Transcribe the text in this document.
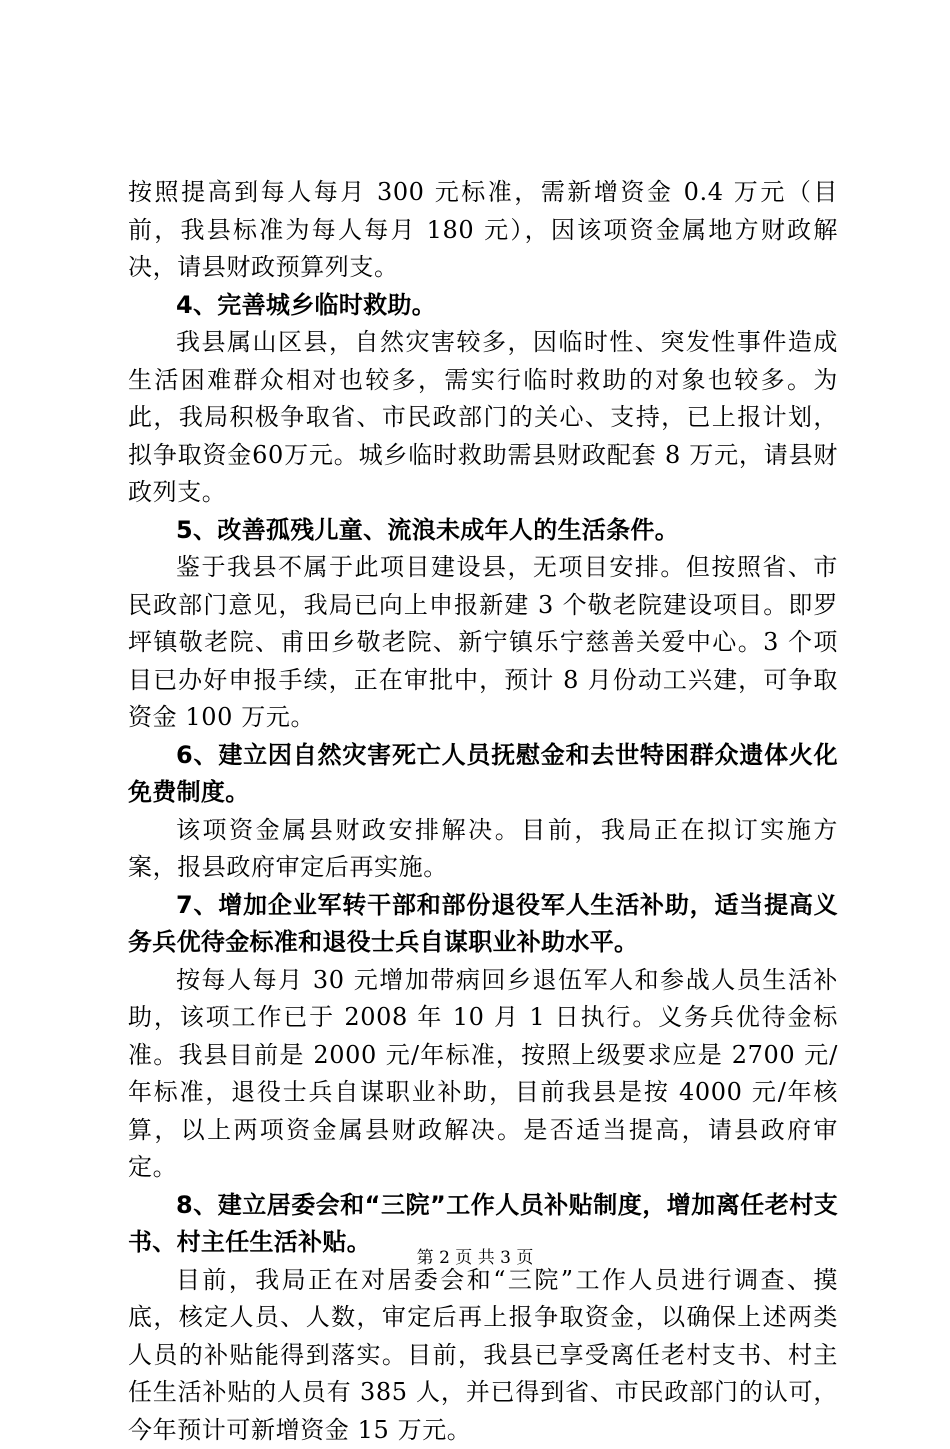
按照提高到每人每月 300 元标准，需新增资金 0.4 万元（目前，我县标准为每人每月 180 元），因该项资金属地方财政解决，请县财政预算列支。

4、完善城乡临时救助。

我县属山区县，自然灾害较多，因临时性、突发性事件造成生活困难群众相对也较多，需实行临时救助的对象也较多。为此，我局积极争取省、市民政部门的关心、支持，已上报计划，拟争取资金60万元。城乡临时救助需县财政配套 8 万元，请县财政列支。

5、改善孤残儿童、流浪未成年人的生活条件。

鉴于我县不属于此项目建设县，无项目安排。但按照省、市民政部门意见，我局已向上申报新建 3 个敬老院建设项目。即罗坪镇敬老院、甫田乡敬老院、新宁镇乐宁慈善关爱中心。3 个项目已办好申报手续，正在审批中，预计 8 月份动工兴建，可争取资金 100 万元。

6、建立因自然灾害死亡人员抚慰金和去世特困群众遗体火化免费制度。

该项资金属县财政安排解决。目前，我局正在拟订实施方案，报县政府审定后再实施。

7、增加企业军转干部和部份退役军人生活补助，适当提高义务兵优待金标准和退役士兵自谋职业补助水平。

按每人每月 30 元增加带病回乡退伍军人和参战人员生活补助，该项工作已于 2008 年 10 月 1 日执行。义务兵优待金标准。我县目前是 2000 元/年标准，按照上级要求应是 2700 元/年标准，退役士兵自谋职业补助，目前我县是按 4000 元/年核算，以上两项资金属县财政解决。是否适当提高，请县政府审定。

8、建立居委会和“三院”工作人员补贴制度，增加离任老村支书、村主任生活补贴。

目前，我局正在对居委会和“三院”工作人员进行调查、摸底，核定人员、人数，审定后再上报争取资金，以确保上述两类人员的补贴能得到落实。目前，我县已享受离任老村支书、村主任生活补贴的人员有 385 人，并已得到省、市民政部门的认可，今年预计可新增资金 15 万元。

第 2 页 共 3 页
